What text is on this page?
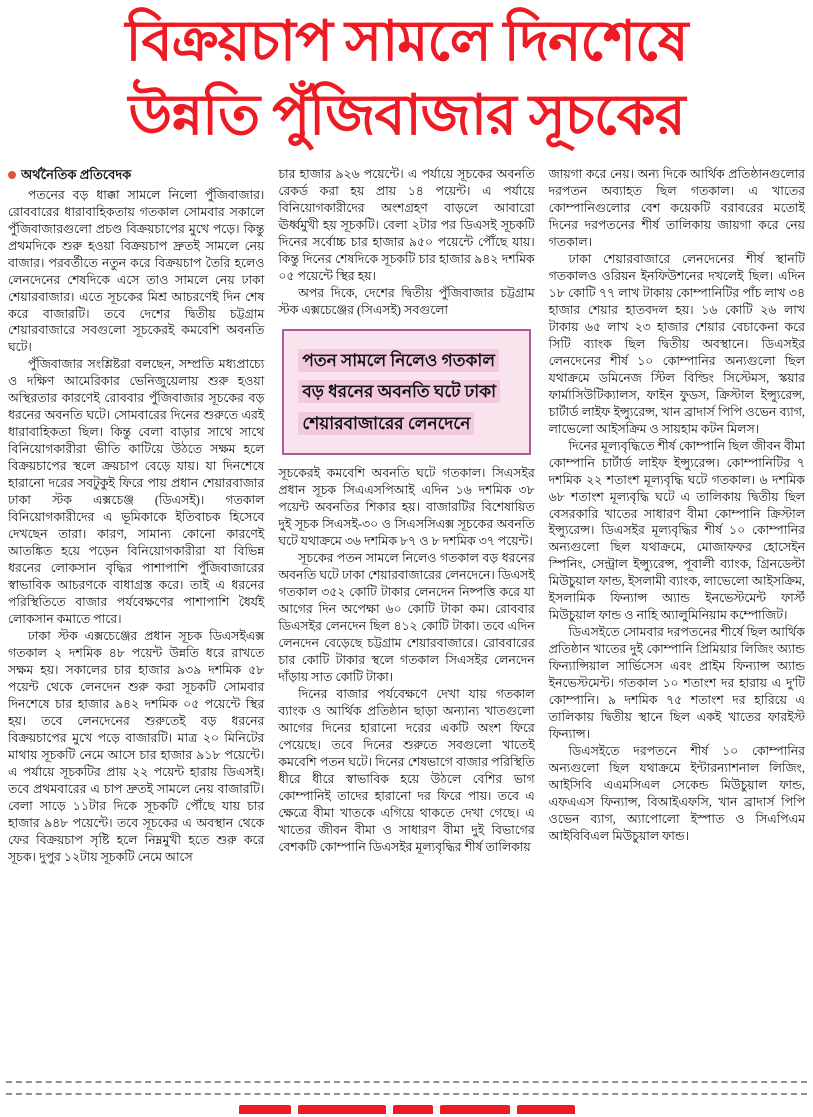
বিক্রয়চাপ সামলে দিনশেষে
উন্নতি পুঁজিবাজার সূচকের
অর্থনৈতিক প্রতিবেদক

পতনের বড় ধাক্কা সামলে নিলো পুঁজিবাজার। রোববারের ধারাবাহিকতায় গতকাল সোমবার সকালে পুঁজিবাজারগুলো প্রচণ্ড বিক্রয়চাপের মুখে পড়ে। কিন্তু প্রথমদিকে শুরু হওয়া বিক্রয়চাপ দ্রুতই সামলে নেয় বাজার। পরবর্তীতে নতুন করে বিক্রয়চাপ তৈরি হলেও লেনদেনের শেষদিকে এসে তাও সামলে নেয় ঢাকা শেয়ারবাজার। এতে সূচকের মিশ্র আচরণেই দিন শেষ করে বাজারটি। তবে দেশের দ্বিতীয় চট্টগ্রাম শেয়ারবাজারে সবগুলো সূচকেরই কমবেশি অবনতি ঘটে।

পুঁজিবাজার সংশ্লিষ্টরা বলছেন, সম্প্রতি মধ্যপ্রাচ্যে ও দক্ষিণ আমেরিকার ভেনিজুয়েলায় শুরু হওয়া অস্থিরতার কারণেই রোববার পুঁজিবাজার সূচকের বড় ধরনের অবনতি ঘটে। সোমবারের দিনের শুরুতে এরই ধারাবাহিকতা ছিল। কিন্তু বেলা বাড়ার সাথে সাথে বিনিয়োগকারীরা ভীতি কাটিয়ে উঠতে সক্ষম হলে বিক্রয়চাপের স্থলে ক্রয়চাপ বেড়ে যায়। যা দিনশেষে হারানো দরের সবটুকুই ফিরে পায় প্রধান শেয়ারবাজার ঢাকা স্টক এক্সচেঞ্জ (ডিএসই)। গতকাল বিনিয়োগকারীদের এ ভূমিকাকে ইতিবাচক হিসেবে দেখছেন তারা। কারণ, সামান্য কোনো কারণেই আতঙ্কিত হয়ে পড়েন বিনিয়োগকারীরা যা বিভিন্ন ধরনের লোকসান বৃদ্ধির পাশাপাশি পুঁজিবাজারের স্বাভাবিক আচরণকে বাধাগ্রস্ত করে। তাই এ ধরনের পরিস্থিতিতে বাজার পর্যবেক্ষণের পাশাপাশি ধৈর্যই লোকসান কমাতে পারে।

ঢাকা স্টক এক্সচেঞ্জের প্রধান সূচক ডিএসইএক্স গতকাল ২ দশমিক ৪৮ পয়েন্ট উন্নতি ধরে রাখতে সক্ষম হয়। সকালের চার হাজার ৯৩৯ দশমিক ৫৮ পয়েন্ট থেকে লেনদেন শুরু করা সূচকটি সোমবার দিনশেষে চার হাজার ৯৪২ দশমিক ০৫ পয়েন্টে স্থির হয়। তবে লেনদেনের শুরুতেই বড় ধরনের বিক্রয়চাপের মুখে পড়ে বাজারটি। মাত্র ২০ মিনিটের মাথায় সূচকটি নেমে আসে চার হাজার ৯১৮ পয়েন্টে। এ পর্যায়ে সূচকটির প্রায় ২২ পয়েন্ট হারায় ডিএসই। তবে প্রথমবারের এ চাপ দ্রুতই সামলে নেয় বাজারটি। বেলা সাড়ে ১১টার দিকে সূচকটি পৌঁছে যায় চার হাজার ৯৪৮ পয়েন্টে। তবে সূচকের এ অবস্থান থেকে ফের বিক্রয়চাপ সৃষ্টি হলে নিম্নমুখী হতে শুরু করে সূচক। দুপুর ১২টায় সূচকটি নেমে আসে

চার হাজার ৯২৬ পয়েন্টে। এ পর্যায়ে সূচকের অবনতি রেকর্ড করা হয় প্রায় ১৪ পয়েন্ট। এ পর্যায়ে বিনিয়োগকারীদের অংশগ্রহণ বাড়লে আবারো ঊর্ধ্বমুখী হয় সূচকটি। বেলা ২টার পর ডিএসই সূচকটি দিনের সর্বোচ্চ চার হাজার ৯৫০ পয়েন্টে পৌঁছে যায়। কিন্তু দিনের শেষদিকে সূচকটি চার হাজার ৯৪২ দশমিক ০৫ পয়েন্টে স্থির হয়।

অপর দিকে, দেশের দ্বিতীয় পুঁজিবাজার চট্টগ্রাম স্টক এক্সচেঞ্জের (সিএসই) সবগুলো

পতন সামলে নিলেও গতকাল বড় ধরনের অবনতি ঘটে ঢাকা শেয়ারবাজারের লেনদেনে

সূচকেরই কমবেশি অবনতি ঘটে গতকাল। সিএসইর প্রধান সূচক সিএএসপিআই এদিন ১৬ দশমিক ৩৮ পয়েন্ট অবনতির শিকার হয়। বাজারটির বিশেষায়িত দুই সূচক সিএসই-৩০ ও সিএসসিএক্স সূচকের অবনতি ঘটে যথাক্রমে ৩৬ দশমিক ৮৭ ও ৮ দশমিক ৩৭ পয়েন্ট।

সূচকের পতন সামলে নিলেও গতকাল বড় ধরনের অবনতি ঘটে ঢাকা শেয়ারবাজারের লেনদেনে। ডিএসই গতকাল ৩৫২ কোটি টাকার লেনদেন নিষ্পত্তি করে যা আগের দিন অপেক্ষা ৬০ কোটি টাকা কম। রোববার ডিএসইর লেনদেন ছিল ৪১২ কোটি টাকা। তবে এদিন লেনদেন বেড়েছে চট্টগ্রাম শেয়ারবাজারে। রোববারের চার কোটি টাকার স্থলে গতকাল সিএসইর লেনদেন দাঁড়ায় সাত কোটি টাকা।

দিনের বাজার পর্যবেক্ষণে দেখা যায় গতকাল ব্যাংক ও আর্থিক প্রতিষ্ঠান ছাড়া অন্যান্য খাতগুলো আগের দিনের হারানো দরের একটি অংশ ফিরে পেয়েছে। তবে দিনের শুরুতে সবগুলো খাতেই কমবেশি পতন ঘটে। দিনের শেষভাগে বাজার পরিস্থিতি ধীরে ধীরে স্বাভাবিক হয়ে উঠলে বেশির ভাগ কোম্পানিই তাদের হারানো দর ফিরে পায়। তবে এ ক্ষেত্রে বীমা খাতকে এগিয়ে থাকতে দেখা গেছে। এ খাতের জীবন বীমা ও সাধারণ বীমা দুই বিভাগের বেশকটি কোম্পানি ডিএসইর মূল্যবৃদ্ধির শীর্ষ তালিকায়

জায়গা করে নেয়। অন্য দিকে আর্থিক প্রতিষ্ঠানগুলোর দরপতন অব্যাহত ছিল গতকাল। এ খাতের কোম্পানিগুলোর বেশ কয়েকটি বরাবরের মতোই দিনের দরপতনের শীর্ষ তালিকায় জায়গা করে নেয় গতকাল।

ঢাকা শেয়ারবাজারে লেনদেনের শীর্ষ স্থানটি গতকালও ওরিয়ন ইনফিউশনের দখলেই ছিল। এদিন ১৮ কোটি ৭৭ লাখ টাকায় কোম্পানিটির পাঁচ লাখ ৩৪ হাজার শেয়ার হাতবদল হয়। ১৬ কোটি ২৬ লাখ টাকায় ৬৫ লাখ ২৩ হাজার শেয়ার বেচাকেনা করে সিটি ব্যাংক ছিল দ্বিতীয় অবস্থানে। ডিএসইর লেনদেনের শীর্ষ ১০ কোম্পানির অন্যগুলো ছিল যথাক্রমে ডমিনেজ স্টিল বিল্ডিং সিস্টেমস, স্কয়ার ফার্মাসিউটিক্যালস, ফাইন ফুডস, ক্রিস্টাল ইন্স্যুরেন্স, চার্টার্ড লাইফ ইন্স্যুরেন্স, খান ব্রাদার্স পিপি ওভেন ব্যাগ, লাভেলো আইসক্রিম ও সায়হাম কটন মিলস।

দিনের মূল্যবৃদ্ধিতে শীর্ষ কোম্পানি ছিল জীবন বীমা কোম্পানি চার্টার্ড লাইফ ইন্স্যুরেন্স। কোম্পানিটির ৭ দশমিক ২২ শতাংশ মূল্যবৃদ্ধি ঘটে গতকাল। ৬ দশমিক ৬৮ শতাংশ মূল্যবৃদ্ধি ঘটে এ তালিকায় দ্বিতীয় ছিল বেসরকারি খাতের সাধারণ বীমা কোম্পানি ক্রিস্টাল ইন্স্যুরেন্স। ডিএসইর মূল্যবৃদ্ধির শীর্ষ ১০ কোম্পানির অন্যগুলো ছিল যথাক্রমে, মোজাফফর হোসেইন স্পিনিং, সেন্ট্রাল ইন্স্যুরেন্স, পূবালী ব্যাংক, গ্রিনডেল্টা মিউচুয়াল ফান্ড, ইসলামী ব্যাংক, লাভেলো আইসক্রিম, ইসলামিক ফিন্যান্স অ্যান্ড ইনভেস্টমেন্ট ফার্স্ট মিউচুয়াল ফান্ড ও নাহি অ্যালুমিনিয়াম কম্পোজিট।

ডিএসইতে সোমবার দরপতনের শীর্ষে ছিল আর্থিক প্রতিষ্ঠান খাতের দুই কোম্পানি প্রিমিয়ার লিজিং অ্যান্ড ফিন্যান্সিয়াল সার্ভিসেস এবং প্রাইম ফিন্যান্স অ্যান্ড ইনভেস্টমেন্ট। গতকাল ১০ শতাংশ দর হারায় এ দু'টি কোম্পানি। ৯ দশমিক ৭৫ শতাংশ দর হারিয়ে এ তালিকায় দ্বিতীয় স্থানে ছিল একই খাতের ফারইস্ট ফিন্যান্স।

ডিএসইতে দরপতনে শীর্ষ ১০ কোম্পানির অন্যগুলো ছিল যথাক্রমে ইন্টারন্যাশনাল লিজিং, আইসিবি এএমসিএল সেকেন্ড মিউচুয়াল ফান্ড, এফএএস ফিন্যান্স, বিআইএফসি, খান ব্রাদার্স পিপি ওভেন ব্যাগ, অ্যাপোলো ইস্পাত ও সিএপিএম আইবিবিএল মিউচুয়াল ফান্ড।
